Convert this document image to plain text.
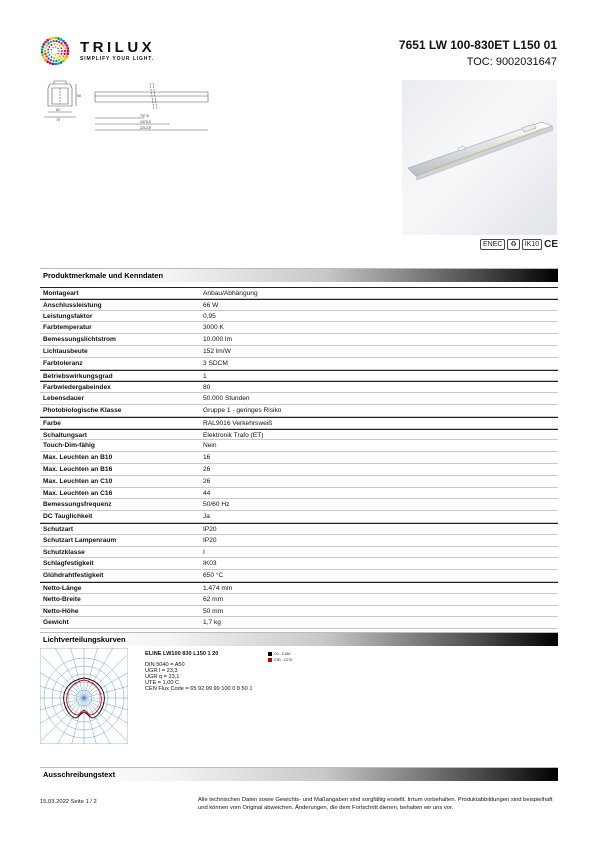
TRILUX
SIMPLIFY YOUR LIGHT.
7651 LW 100-830ET L150 01
TOC: 9002031647
62
75
50
797,5
1075,0
2212,5
ENEC	♻	IK10 CE
Produktmerkmale und Kenndaten
Montageart	Anbau/Abhängung
Anschlussleistung	66 W
Leistungsfaktor	0,95
Farbtemperatur	3000 K
Bemessungslichtstrom	10.000 lm
Lichtausbeute	152 lm/W
Farbtoleranz	3 SDCM
Betriebswirkungsgrad	1
Farbwiedergabeindex	80
Lebensdauer	50.000 Stunden
Photobiologische Klasse	Gruppe 1 - geringes Risiko
Farbe	RAL9016 Verkehrsweiß
Schaltungsart	Elektronik Trafo (ET)
Touch-Dim-fähig	Nein
Max. Leuchten an B10	16
Max. Leuchten an B16	26
Max. Leuchten an C10	26
Max. Leuchten an C16	44
Bemessungsfrequenz	50/60 Hz
DC Tauglichkeit	Ja
Schutzart	IP20
Schutzart Lampenraum	IP20
Schutzklasse	I
Schlagfestigkeit	IK03
Glühdrahtfestigkeit	650 °C
Netto-Länge	1.474 mm
Netto-Breite	62 mm
Netto-Höhe	50 mm
Gewicht	1,7 kg
Lichtverteilungskurven
ELINE LW100 830 L150 1 20
DIN 5040 = A50
UGR l = 23,3
UGR q = 23,1
UTE = 1,00 C
CEN Flux Code = 65 92 99 99 100 0 8 50 1
C0 - C180
C90 - C270
Ausschreibungstext
15.03.2022 Seite 1 / 2	Alle technischen Daten sowie Gewichts- und Maßangaben sind sorgfältig erstellt. Irrtum vorbehalten. Produktabbildungen sind beispielhaft und können vom Original abweichen. Änderungen, die dem Fortschritt dienen, behalten wir uns vor.
